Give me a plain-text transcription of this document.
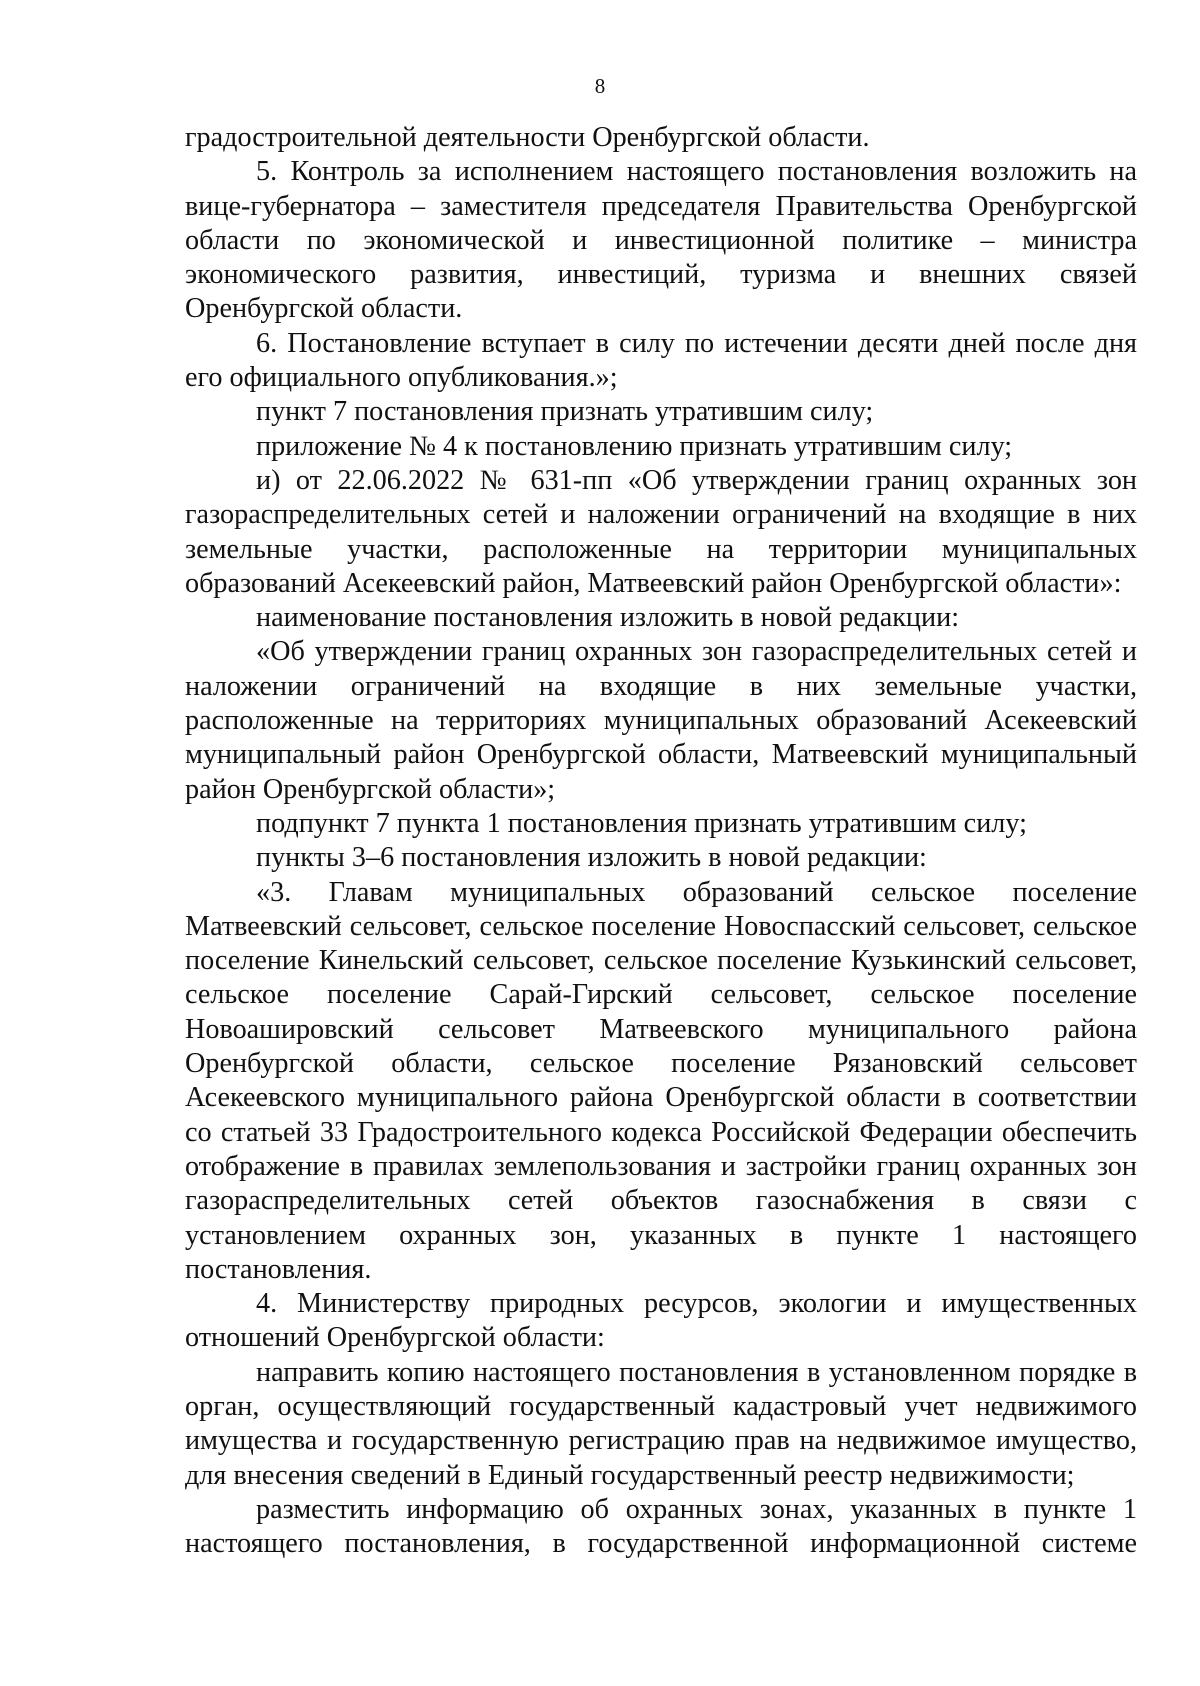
8

градостроительной деятельности Оренбургской области.

5. Контроль за исполнением настоящего постановления возложить на вице-губернатора – заместителя председателя Правительства Оренбургской области по экономической и инвестиционной политике – министра экономического развития, инвестиций, туризма и внешних связей Оренбургской области.

6. Постановление вступает в силу по истечении десяти дней после дня его официального опубликования.»;

пункт 7 постановления признать утратившим силу;

приложение № 4 к постановлению признать утратившим силу;

и) от 22.06.2022 № 631-пп «Об утверждении границ охранных зон газораспределительных сетей и наложении ограничений на входящие в них земельные участки, расположенные на территории муниципальных образований Асекеевский район, Матвеевский район Оренбургской области»:

наименование постановления изложить в новой редакции:

«Об утверждении границ охранных зон газораспределительных сетей и наложении ограничений на входящие в них земельные участки, расположенные на территориях муниципальных образований Асекеевский муниципальный район Оренбургской области, Матвеевский муниципальный район Оренбургской области»;

подпункт 7 пункта 1 постановления признать утратившим силу;

пункты 3–6 постановления изложить в новой редакции:

«3. Главам муниципальных образований сельское поселение Матвеевский сельсовет, сельское поселение Новоспасский сельсовет, сельское поселение Кинельский сельсовет, сельское поселение Кузькинский сельсовет, сельское поселение Сарай-Гирский сельсовет, сельское поселение Новоашировский сельсовет Матвеевского муниципального района Оренбургской области, сельское поселение Рязановский сельсовет Асекеевского муниципального района Оренбургской области в соответствии со статьей 33 Градостроительного кодекса Российской Федерации обеспечить отображение в правилах землепользования и застройки границ охранных зон газораспределительных сетей объектов газоснабжения в связи с установлением охранных зон, указанных в пункте 1 настоящего постановления.

4. Министерству природных ресурсов, экологии и имущественных отношений Оренбургской области:

направить копию настоящего постановления в установленном порядке в орган, осуществляющий государственный кадастровый учет недвижимого имущества и государственную регистрацию прав на недвижимое имущество, для внесения сведений в Единый государственный реестр недвижимости;

разместить информацию об охранных зонах, указанных в пункте 1 настоящего постановления, в государственной информационной системе
